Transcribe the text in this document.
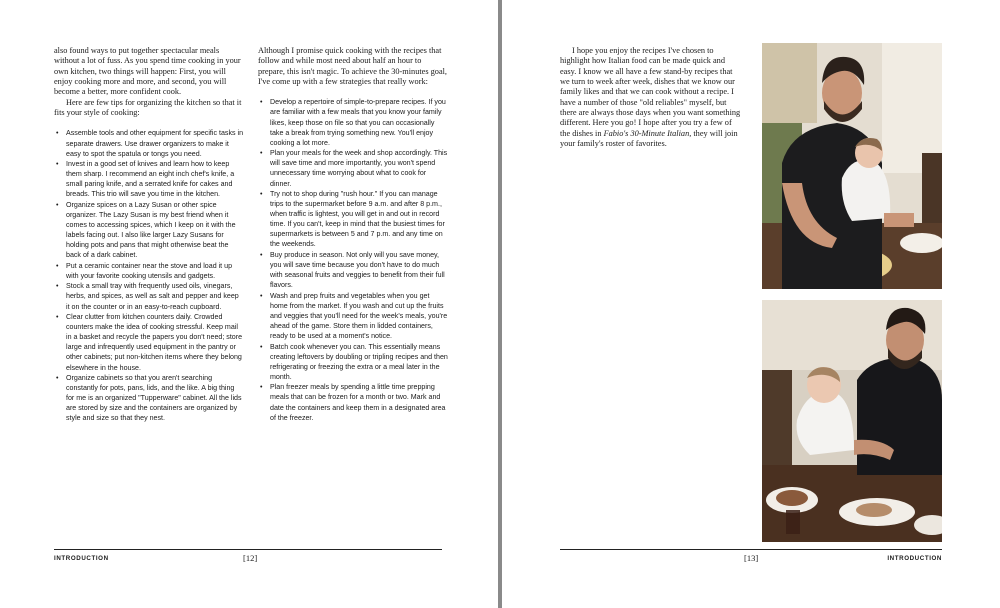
also found ways to put together spectacular meals without a lot of fuss. As you spend time cooking in your own kitchen, two things will happen: First, you will enjoy cooking more and more, and second, you will become a better, more confident cook.

Here are few tips for organizing the kitchen so that it fits your style of cooking:

• Assemble tools and other equipment for specific tasks in separate drawers. Use drawer organizers to make it easy to spot the spatula or tongs you need.
• Invest in a good set of knives and learn how to keep them sharp. I recommend an eight inch chef's knife, a small paring knife, and a serrated knife for cakes and breads. This trio will save you time in the kitchen.
• Organize spices on a Lazy Susan or other spice organizer. The Lazy Susan is my best friend when it comes to accessing spices, which I keep on it with the labels facing out. I also like larger Lazy Susans for holding pots and pans that might otherwise beat the back of a dark cabinet.
• Put a ceramic container near the stove and load it up with your favorite cooking utensils and gadgets.
• Stock a small tray with frequently used oils, vinegars, herbs, and spices, as well as salt and pepper and keep it on the counter or in an easy-to-reach cupboard.
• Clear clutter from kitchen counters daily. Crowded counters make the idea of cooking stressful. Keep mail in a basket and recycle the papers you don't need; store large and infrequently used equipment in the pantry or other cabinets; put non-kitchen items where they belong elsewhere in the house.
• Organize cabinets so that you aren't searching constantly for pots, pans, lids, and the like. A big thing for me is an organized "Tupperware" cabinet. All the lids are stored by size and the containers are organized by style and size so that they nest.

Although I promise quick cooking with the recipes that follow and while most need about half an hour to prepare, this isn't magic. To achieve the 30-minutes goal, I've come up with a few strategies that really work:

• Develop a repertoire of simple-to-prepare recipes. If you are familiar with a few meals that you know your family likes, keep those on file so that you can occasionally take a break from trying something new. You'll enjoy cooking a lot more.
• Plan your meals for the week and shop accordingly. This will save time and more importantly, you won't spend unnecessary time worrying about what to cook for dinner.
• Try not to shop during "rush hour." If you can manage trips to the supermarket before 9 a.m. and after 8 p.m., when traffic is lightest, you will get in and out in record time. If you can't, keep in mind that the busiest times for supermarkets is between 5 and 7 p.m. and any time on the weekends.
• Buy produce in season. Not only will you save money, you will save time because you don't have to do much with seasonal fruits and veggies to benefit from their full flavors.
• Wash and prep fruits and vegetables when you get home from the market. If you wash and cut up the fruits and veggies that you'll need for the week's meals, you're ahead of the game. Store them in lidded containers, ready to be used at a moment's notice.
• Batch cook whenever you can. This essentially means creating leftovers by doubling or tripling recipes and then refrigerating or freezing the extra or a meal later in the month.
• Plan freezer meals by spending a little time prepping meals that can be frozen for a month or two. Mark and date the containers and keep them in a designated area of the freezer.
INTRODUCTION	[12]

I hope you enjoy the recipes I've chosen to highlight how Italian food can be made quick and easy. I know we all have a few stand-by recipes that we turn to week after week, dishes that we know our family likes and that we can cook without a recipe. I have a number of those "old reliables" myself, but there are always those days when you want something different. Here you go! I hope after you try a few of the dishes in Fabio's 30-Minute Italian, they will join your family's roster of favorites.

[13]	INTRODUCTION
